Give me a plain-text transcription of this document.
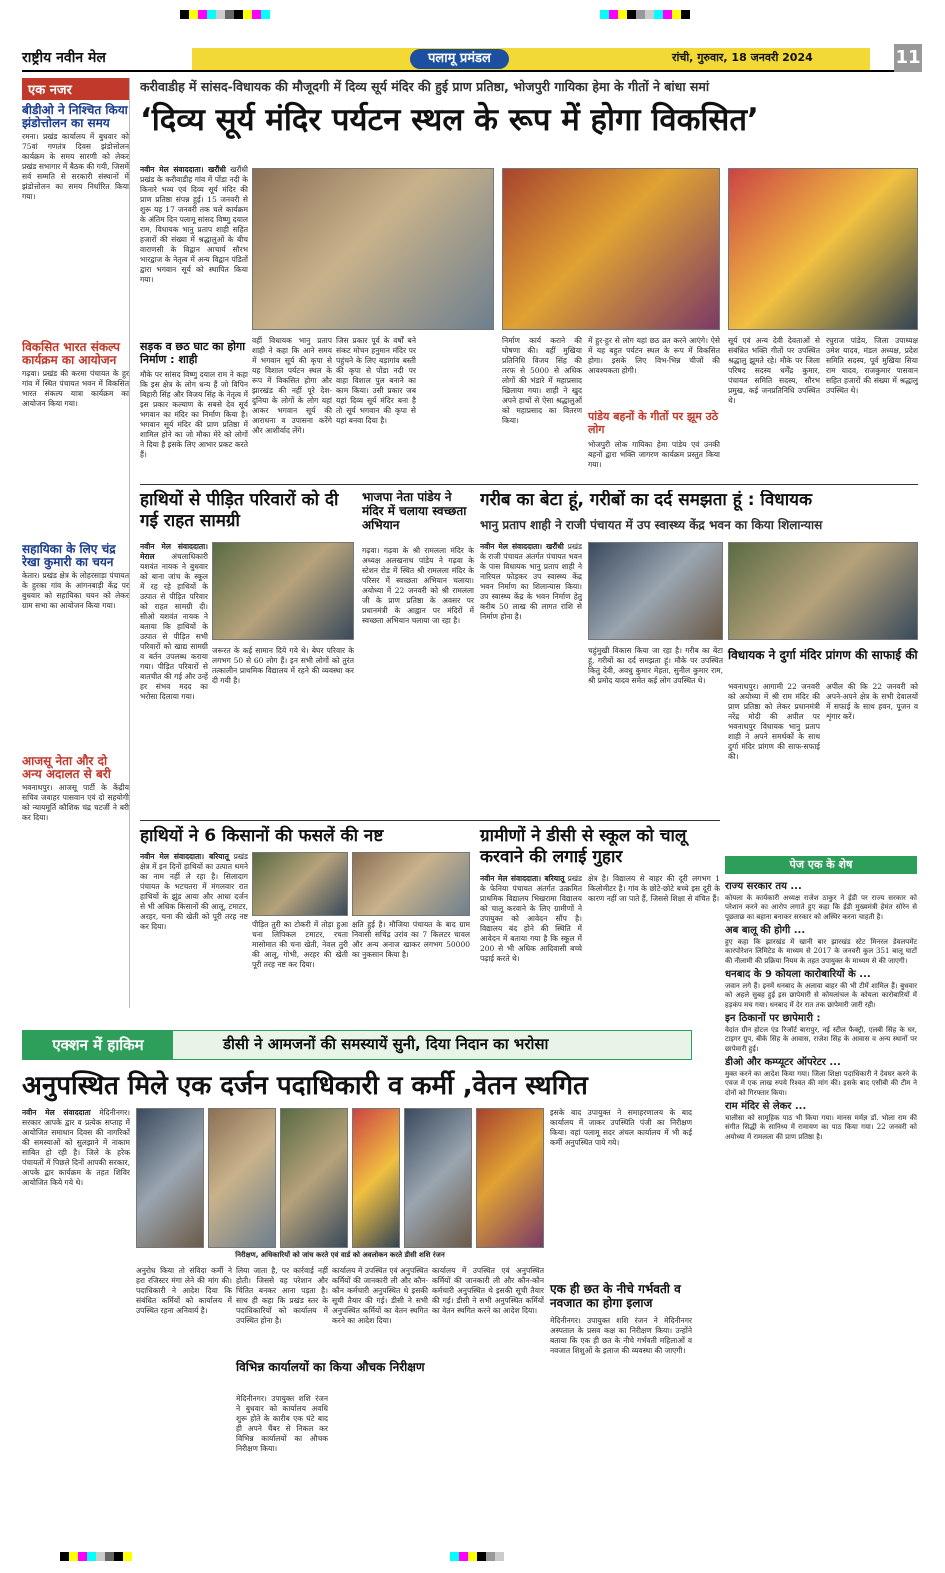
राष्ट्रीय नवीन मेल	पलामू प्रमंडल	रांची, गुरुवार, 18 जनवरी 2024	11
एक नजर
बीडीओ ने निश्चित किया झंडोत्तोलन का समय
रमना। प्रखंड कार्यालय में बुधवार को 75वां गणतंत्र दिवस झंडोत्तोलन कार्यक्रम के समय सारणी को लेकर प्रखंड सभागार में बैठक की गयी, जिसमें सर्व सम्मति से सरकारी संस्थानों में झंडोत्तोलन का समय निर्धारित किया गया।
विकसित भारत संकल्प कार्यक्रम का आयोजन
गढ़वा। प्रखंड की करमा पंचायत के हुर गांव में स्थित पंचायत भवन में विकसित भारत संकल्प यात्रा कार्यक्रम का आयोजन किया गया।
सहायिका के लिए चंद्र रेखा कुमारी का चयन
केतार। प्रखंड क्षेत्र के लोहरसाड़ा पंचायत के हुरका गांव के आंगनबाड़ी केंद्र पर बुधवार को सहायिका चयन को लेकर ग्राम सभा का आयोजन किया गया।
आजसू नेता और दो अन्य अदालत से बरी
भवनाथपुर। आजसू पार्टी के केंद्रीय सचिव जवाहर पासवान एवं दो सहयोगी को न्यायमूर्ति कौशिक चंद्र चटर्जी ने बरी कर दिया।
करीवाडीह में सांसद-विधायक की मौजूदगी में दिव्य सूर्य मंदिर की हुई प्राण प्रतिष्ठा, भोजपुरी गायिका हेमा के गीतों ने बांधा समां
‘दिव्य सूर्य मंदिर पर्यटन स्थल के रूप में होगा विकसित’
नवीन मेल संवाददाता। खरौंधी खरौंधी प्रखंड के करीवाडीह गांव में पोंडा नदी के किनारे भव्य एवं दिव्य सूर्य मंदिर की प्राण प्रतिष्ठा संपन्न हुई। 15 जनवरी से शुरू यह 17 जनवरी तक चले कार्यक्रम के अंतिम दिन पलामू सांसद विष्णु दयाल राम, विधायक भानु प्रताप शाही सहित हजारों की संख्या में श्रद्धालुओं के बीच वाराणसी के विद्वान आचार्य सौरभ भारद्वाज के नेतृत्व में अन्य विद्वान पंडितों द्वारा भगवान सूर्य को स्थापित किया गया।
सड़क व छठ घाट का होगा निर्माण : शाही
मौके पर सांसद विष्णु दयाल राम ने कहा कि इस क्षेत्र के लोग धन्य हैं जो विपिन बिहारी सिंह और विजय सिंह के नेतृत्व में इस प्रकार कल्याण के सबसे देव सूर्य भगवान का मंदिर का निर्माण किया है। भगवान सूर्य मंदिर की प्राण प्रतिष्ठा में शामिल होने का जो मौका मेरे को लोगों ने दिया है इसके लिए आभार प्रकट करते हैं।
वहीं विधायक भानु प्रताप शाही ने कहा कि आने समय में भगवान सूर्य की कृपा से यह विशाल पर्यटन स्थल के रूप में विकसित होगा और झारखंड की नहीं पूरे देश-दुनिया के लोगों के लोग यहां आकर भगवान सूर्य की आराधना व उपासना करेंगे और आशीर्वाद लेंगे।
जिस प्रकार पूर्व के वर्षों बने संकट मोचन हनुमान मंदिर पर पहुंचने के लिए बड़ागांव बस्ती की कृपा से पोंडा नदी पर वाहा विशाल पुल बनाने का काम किया। उसी प्रकार जब यहां दिव्य सूर्य मंदिर बना है तो सूर्य भगवान की कृपा से यहां बनवा दिया है।
निर्माण कार्य कराने की घोषणा की। वहीं मुखिया प्रतिनिधि विजय सिंह की तरफ से 5000 से अधिक लोगों की भंडारे में महाप्रसाद खिलाया गया। शाही ने खुद अपने हाथों से ऐसा श्रद्धालुओं को महाप्रसाद का वितरण किया।
में हुर-हुर से लोग यहां छठ व्रत करने आएंगे। ऐसे में यह बहुत पर्यटन स्थल के रूप में विकसित होगा। इसके लिए विभ-भिन्न चीजों की आवश्यकता होगी।
पांडेय बहनों के गीतों पर झूम उठे लोग
भोजपुरी लोक गायिका हेमा पांडेय एवं उनकी बहनों द्वारा भक्ति जागरण कार्यक्रम प्रस्तुत किया गया।
सूर्य एवं अन्य देवी देवताओं से संबंधित भक्ति गीतों पर उपस्थित श्रद्धालु झूमते रहे। मौके पर जिला परिषद सदस्य धर्मेंद्र कुमार, पंचायत समिति सदस्य, सौरभ प्रमुख, कई जनप्रतिनिधि उपस्थित थे।
रघुराज पांडेय, जिला उपाध्यक्ष उमेश यादव, मंडल अध्यक्ष, प्रदेश समिति सदस्य, पूर्व मुखिया सिया राम यादव, राजकुमार पासवान सहित हजारों की संख्या में श्रद्धालु उपस्थित थे।
हाथियों से पीड़ित परिवारों को दी गई राहत सामग्री
नवीन मेल संवाददाता। मेराल अंचलाधिकारी यशवंत नायक ने बुधवार को बाना जांच के स्कूल में रह रहे हाथियों के उत्पात से पीड़ित परिवार को राहत सामग्री दी। सीओ यशवंत नायक ने बताया कि हाथियों के उत्पात से पीड़ित सभी परिवारों को खाद्य सामग्री व बर्तन उपलब्ध कराया गया। पीड़ित परिवारों से बातचीत की गई और उन्हें हर संभव मदद का भरोसा दिलाया गया।
जरूरत के कई सामान दिये गये थे। बेघर परिवार के लगभग 50 से 60 लोग हैं। इन सभी लोगों को तुरंत तत्कालीन प्राथमिक विद्यालय में रहने की व्यवस्था कर दी गयी है।
भाजपा नेता पांडेय ने मंदिर में चलाया स्वच्छता अभियान
गढ़वा। गढ़वा के श्री रामलला मंदिर के अध्यक्ष अलखनाथ पांडेय ने गढ़वा के स्टेशन रोड में स्थित श्री रामलला मंदिर के परिसर में स्वच्छता अभियान चलाया। अयोध्या में 22 जनवरी को श्री रामलला जी के प्राण प्रतिष्ठा के अवसर पर प्रधानमंत्री के आह्वान पर मंदिरों में स्वच्छता अभियान चलाया जा रहा है।
गरीब का बेटा हूं, गरीबों का दर्द समझता हूं : विधायक
भानु प्रताप शाही ने राजी पंचायत में उप स्वास्थ्य केंद्र भवन का किया शिलान्यास
नवीन मेल संवाददाता। खरौंधी प्रखंड के राजी पंचायत अंतर्गत पंचायत भवन के पास विधायक भानु प्रताप शाही ने नारियल फोड़कर उप स्वास्थ्य केंद्र भवन निर्माण का शिलान्यास किया। उप स्वास्थ्य केंद्र के भवन निर्माण हेतु करीब 50 लाख की लागत राशि से निर्माण होना है।
चहुंमुखी विकास किया जा रहा है। गरीब का बेटा हूं, गरीबों का दर्द समझता हूं। मौके पर उपस्थित कितु देवी, अवधु कुमार मेहता, सुनील कुमार राम, श्री प्रमोद यादव समेत कई लोग उपस्थित थे।
विधायक ने दुर्गा मंदिर प्रांगण की साफाई की
भवनाथपुर। आगामी 22 जनवरी को अयोध्या में श्री राम मंदिर की प्राण प्रतिष्ठा को लेकर प्रधानमंत्री नरेंद्र मोदी की अपील पर भवनाथपुर विधायक भानु प्रताप शाही ने अपने समर्थकों के साथ दुर्गा मंदिर प्रांगण की साफ-सफाई की।
अपील की कि 22 जनवरी को अपने-अपने क्षेत्र के सभी देवालयों में सफाई के साथ हवन, पूजन व शृंगार करें।
हाथियों ने 6 किसानों की फसलें की नष्ट
नवीन मेल संवाददाता। बरियातू प्रखंड क्षेत्र में इन दिनों हाथियों का उत्पात थमने का नाम नहीं ले रहा है। सिलादाग पंचायत के भटचतरा में मंगलवार रात हाथियों के झुंड आया और आधा दर्जन से भी अधिक किसानों की आलू, टमाटर, अरहर, चना की खेती को पूरी तरह नष्ट कर दिया।	पीड़ित तुरी का टोकरी में तोड़ा हुआ चना लिपिकल टमाटर, रचता मासोमात की चना खेती, नेवल तुरी की आलू, गोभी, अरहर की खेती पूरी तरह नष्ट कर दिया।
क्षति हुई है। मौजिया पंचायत के बाद ग्राम निवासी सचिंद्र उरांव का 7 किलटर चावल और अन्य अनाज खाकर लगभग 50000 का नुकसान किया है।
ग्रामीणों ने डीसी से स्कूल को चालू करवाने की लगाई गुहार
नवीन मेल संवाददाता। बरियातू प्रखंड के फेनिया पंचायत अंतर्गत उत्क्रमित प्राथमिक विद्यालय भिखरामा विद्यालय को चालू करवाने के लिए ग्रामीणों ने उपायुक्त को आवेदन सौंप है। विद्यालय बंद होने की स्थिति में आवेदन में बताया गया है कि स्कूल में 200 से भी अधिक आदिवासी बच्चे पढ़ाई करते थे।
क्षेत्र है। विद्यालय से बाहर की दूरी लगभग 1 किलोमीटर है। गांव के छोटे-छोटे बच्चे इस दूरी के कारण नहीं जा पाते हैं, जिससे शिक्षा से वंचित हैं।
पेज एक के शेष
राज्य सरकार तय ...
कोयला के कार्यकारी अध्यक्ष राजेश ठाकुर ने ईडी पर राज्य सरकार को परेशान करने का आरोप लगाते हुए कहा कि ईडी मुख्यमंत्री हेमंत सोरेन से पूछताछ का बहाना बनाकर सरकार को अस्थिर करना चाहती है।
अब बालू की होगी ...
हुए कहा कि झारखंड में खानी बार झारखंड स्टेट मिनरल डेवलपमेंट कारपोरेशन लिमिटेड के माध्यम से 2017 के जनवरी कुल 351 बालू घाटों की नीलामी की प्रक्रिया नियम के तहत उपायुक्त के माध्यम से की जाएगी।
धनबाद के 9 कोयला कारोबारियों के ...
जवान लगे हैं। इनमें धनबाद के अलावा बाहर की भी टीमें शामिल हैं। बुधवार को अहले सुबह हुई इस छापेमारी से कोयलांचल के कोयला कारोबारियों में हड़कंप मच गया। धनबाद में देर रात तक छापेमारी जारी रही।
इन ठिकानों पर छापेमारी :
वेदांत ग्रीन होटल एंड रिजॉर्ट बारापुर, नई स्टील फैक्ट्री, एलबी सिंह के घर, टाइगर ग्रुप, बीके सिंह के आवास, राजेश सिंह के आवास व अन्य स्थानों पर छापेमारी हुई।
डीओ और कम्प्यूटर ऑपरेटर ...
मुक्त करने का आदेश किया गया। जिला शिक्षा पदाधिकारी ने देवघर करने के एवज में एक लाख रुपये रिश्वत की मांग की। इसके बाद एसीबी की टीम ने दोनों को गिरफ्तार किया।
राम मंदिर से लेकर ...
चालीसा को सामूहिक पाठ भी किया गया। मानस मर्मज्ञ डॉ. भोला राम की संगीत सिद्धी के सानिध्य में रामायण का पाठ किया गया। 22 जनवरी को अयोध्या में रामलला की प्राण प्रतिष्ठा है।
एक्शन में हाकिम	डीसी ने आमजनों की समस्यायें सुनी, दिया निदान का भरोसा
अनुपस्थित मिले एक दर्जन पदाधिकारी व कर्मी ,वेतन स्थगित
नवीन मेल संवाददाता मेदिनीनगर। सरकार आपके द्वार व प्रत्येक सप्ताह में आयोजित समाधान दिवस की नागरिकों की समस्याओं को सुलझाने में नाकाम साबित हो रही है। जिले के हरेक पंचायतों में पिछले दिनों आपकी सरकार, आपके द्वार कार्यक्रम के तहत शिविर आयोजित किये गये थे।
निरीक्षण, अधिकारियों को जांच करते एवं वार्ड को अवलोकन करते डीसी शशि रंजन
अनुरोध किया तो संविदा कर्मी ने हरा रजिस्टर मंगा लेने की मांग की। पदाधिकारी ने आदेश दिया कि संबंधित कर्मियों को कार्यालय में उपस्थित रहना अनिवार्य है।
लिया जाता है, पर कार्रवाई नहीं होती। जिससे वह परेशान और चिंतित बनकर आना पड़ता है। साथ ही कहा कि प्रखंड स्तर के पदाधिकारियों को कार्यालय में उपस्थित होना है।
विभिन्न कार्यालयों का किया औचक निरीक्षण
मेदिनीनगर। उपायुक्त शशि रंजन ने बुधवार को कार्यालय अवधि शुरू होते के कारीब एक घंटे बाद ही अपने चैंबर से निकल कर विभिन्न कार्यालयों का औचक निरीक्षण किया।
कार्यालय में उपस्थित एवं अनुपस्थित कर्मियों की जानकारी ली और कौन-कौन कर्मचारी अनुपस्थित थे इसकी सूची तैयार की गई। डीसी ने सभी अनुपस्थित कर्मियों का वेतन स्थगित करने का आदेश दिया।
कार्यालय में उपस्थित एवं अनुपस्थित कर्मियों की जानकारी ली और कौन-कौन कर्मचारी अनुपस्थित थे इसकी सूची तैयार की गई। डीसी ने सभी अनुपस्थित कर्मियों का वेतन स्थगित करने का आदेश दिया।
इसके बाद उपायुक्त ने समाहरणालय के बाद कार्यालय में जाकर उपस्थिति पंजी का निरीक्षण किया। वहां पलामू सदर अंचल कार्यालय में भी कई कर्मी अनुपस्थित पाये गये।
एक ही छत के नीचे गर्भवती व नवजात का होगा इलाज
मेदिनीनगर। उपायुक्त शशि रंजन ने मेदिनीनगर अस्पताल के प्रसव कक्ष का निरीक्षण किया। उन्होंने बताया कि एक ही छत के नीचे गर्भवती महिलाओं व नवजात शिशुओं के इलाज की व्यवस्था की जाएगी।
